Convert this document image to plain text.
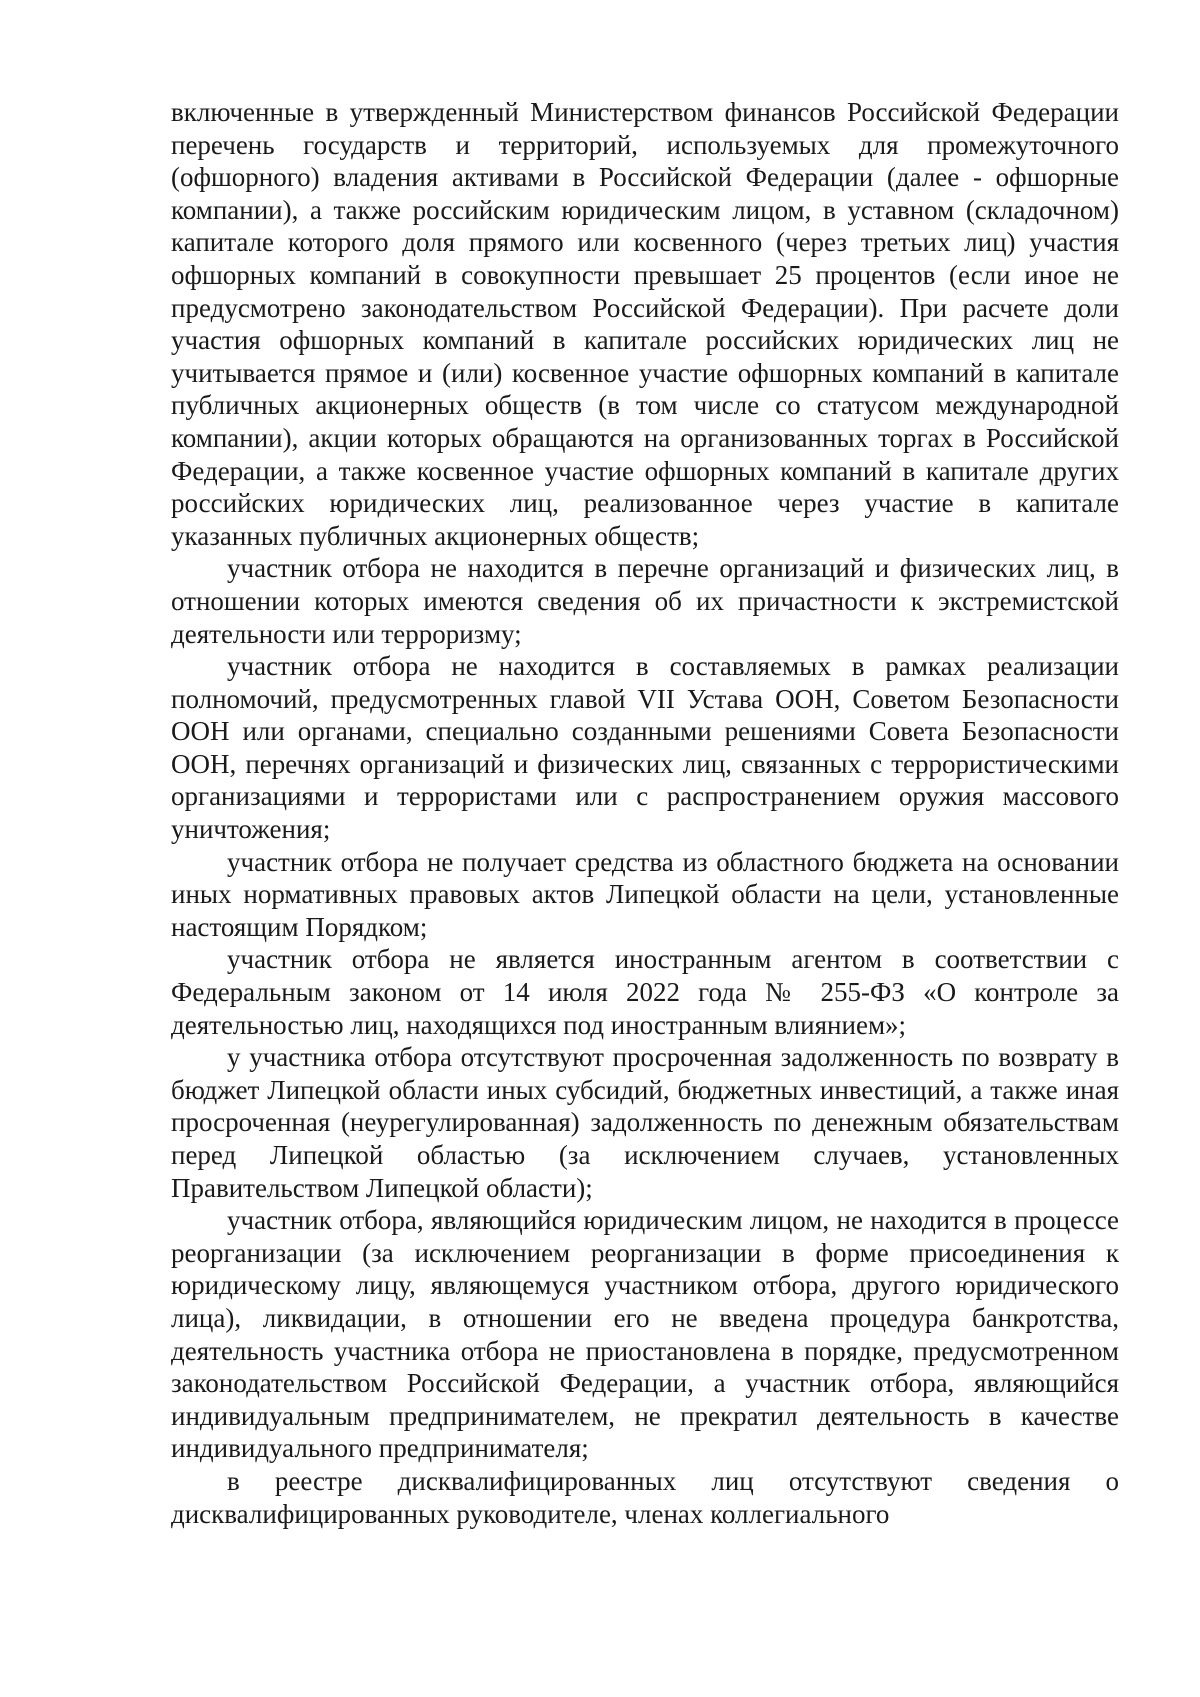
включенные в утвержденный Министерством финансов Российской Федерации перечень государств и территорий, используемых для промежуточного (офшорного) владения активами в Российской Федерации (далее - офшорные компании), а также российским юридическим лицом, в уставном (складочном) капитале которого доля прямого или косвенного (через третьих лиц) участия офшорных компаний в совокупности превышает 25 процентов (если иное не предусмотрено законодательством Российской Федерации). При расчете доли участия офшорных компаний в капитале российских юридических лиц не учитывается прямое и (или) косвенное участие офшорных компаний в капитале публичных акционерных обществ (в том числе со статусом международной компании), акции которых обращаются на организованных торгах в Российской Федерации, а также косвенное участие офшорных компаний в капитале других российских юридических лиц, реализованное через участие в капитале указанных публичных акционерных обществ;

участник отбора не находится в перечне организаций и физических лиц, в отношении которых имеются сведения об их причастности к экстремистской деятельности или терроризму;

участник отбора не находится в составляемых в рамках реализации полномочий, предусмотренных главой VII Устава ООН, Советом Безопасности ООН или органами, специально созданными решениями Совета Безопасности ООН, перечнях организаций и физических лиц, связанных с террористическими организациями и террористами или с распространением оружия массового уничтожения;

участник отбора не получает средства из областного бюджета на основании иных нормативных правовых актов Липецкой области на цели, установленные настоящим Порядком;

участник отбора не является иностранным агентом в соответствии с Федеральным законом от 14 июля 2022 года № 255-ФЗ «О контроле за деятельностью лиц, находящихся под иностранным влиянием»;

у участника отбора отсутствуют просроченная задолженность по возврату в бюджет Липецкой области иных субсидий, бюджетных инвестиций, а также иная просроченная (неурегулированная) задолженность по денежным обязательствам перед Липецкой областью (за исключением случаев, установленных Правительством Липецкой области);

участник отбора, являющийся юридическим лицом, не находится в процессе реорганизации (за исключением реорганизации в форме присоединения к юридическому лицу, являющемуся участником отбора, другого юридического лица), ликвидации, в отношении его не введена процедура банкротства, деятельность участника отбора не приостановлена в порядке, предусмотренном законодательством Российской Федерации, а участник отбора, являющийся индивидуальным предпринимателем, не прекратил деятельность в качестве индивидуального предпринимателя;

в реестре дисквалифицированных лиц отсутствуют сведения о дисквалифицированных руководителе, членах коллегиального
